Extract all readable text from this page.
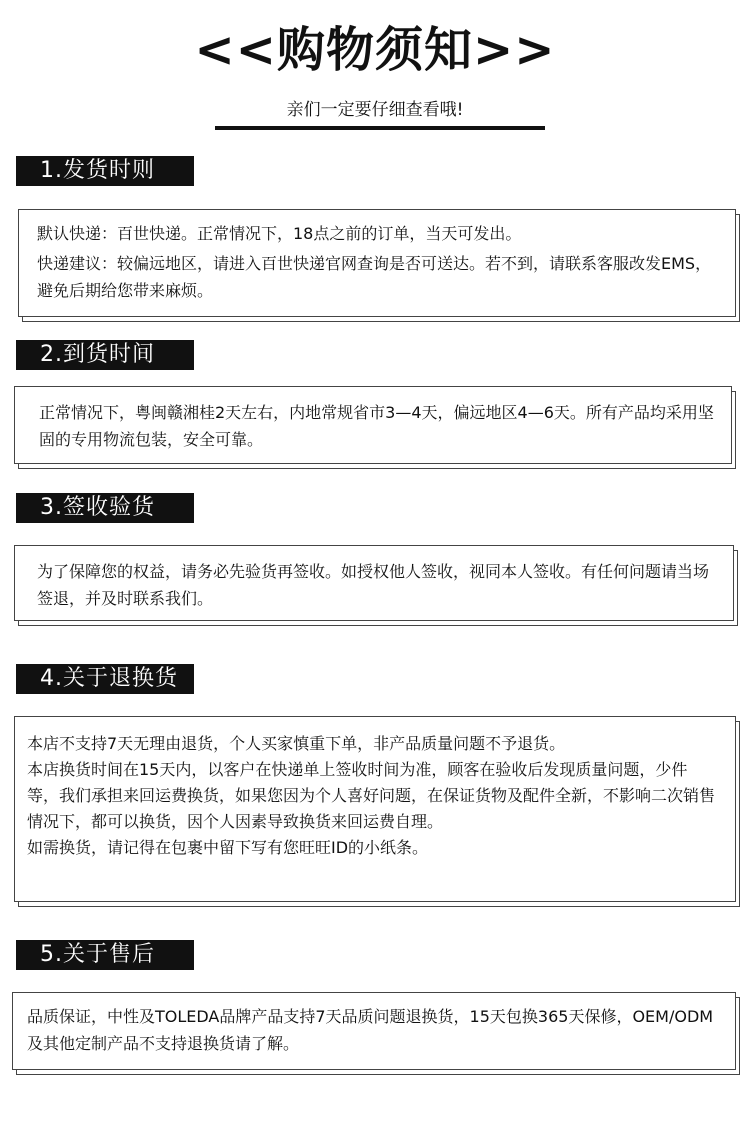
<<购物须知>>

亲们一定要仔细查看哦!

1.发货时则

默认快递：百世快递。正常情况下，18点之前的订单，当天可发出。

快递建议：较偏远地区，请进入百世快递官网查询是否可送达。若不到，请联系客服改发EMS，避免后期给您带来麻烦。

2.到货时间

正常情况下，粤闽赣湘桂2天左右，内地常规省市3—4天，偏远地区4—6天。所有产品均采用坚固的专用物流包装，安全可靠。

3.签收验货

为了保障您的权益，请务必先验货再签收。如授权他人签收，视同本人签收。有任何问题请当场签退，并及时联系我们。

4.关于退换货

本店不支持7天无理由退货，个人买家慎重下单，非产品质量问题不予退货。

本店换货时间在15天内，以客户在快递单上签收时间为准，顾客在验收后发现质量问题，少件等，我们承担来回运费换货，如果您因为个人喜好问题，在保证货物及配件全新，不影响二次销售情况下，都可以换货，因个人因素导致换货来回运费自理。

如需换货，请记得在包裹中留下写有您旺旺ID的小纸条。

5.关于售后

品质保证，中性及TOLEDA品牌产品支持7天品质问题退换货，15天包换365天保修，OEM/ODM及其他定制产品不支持退换货请了解。
